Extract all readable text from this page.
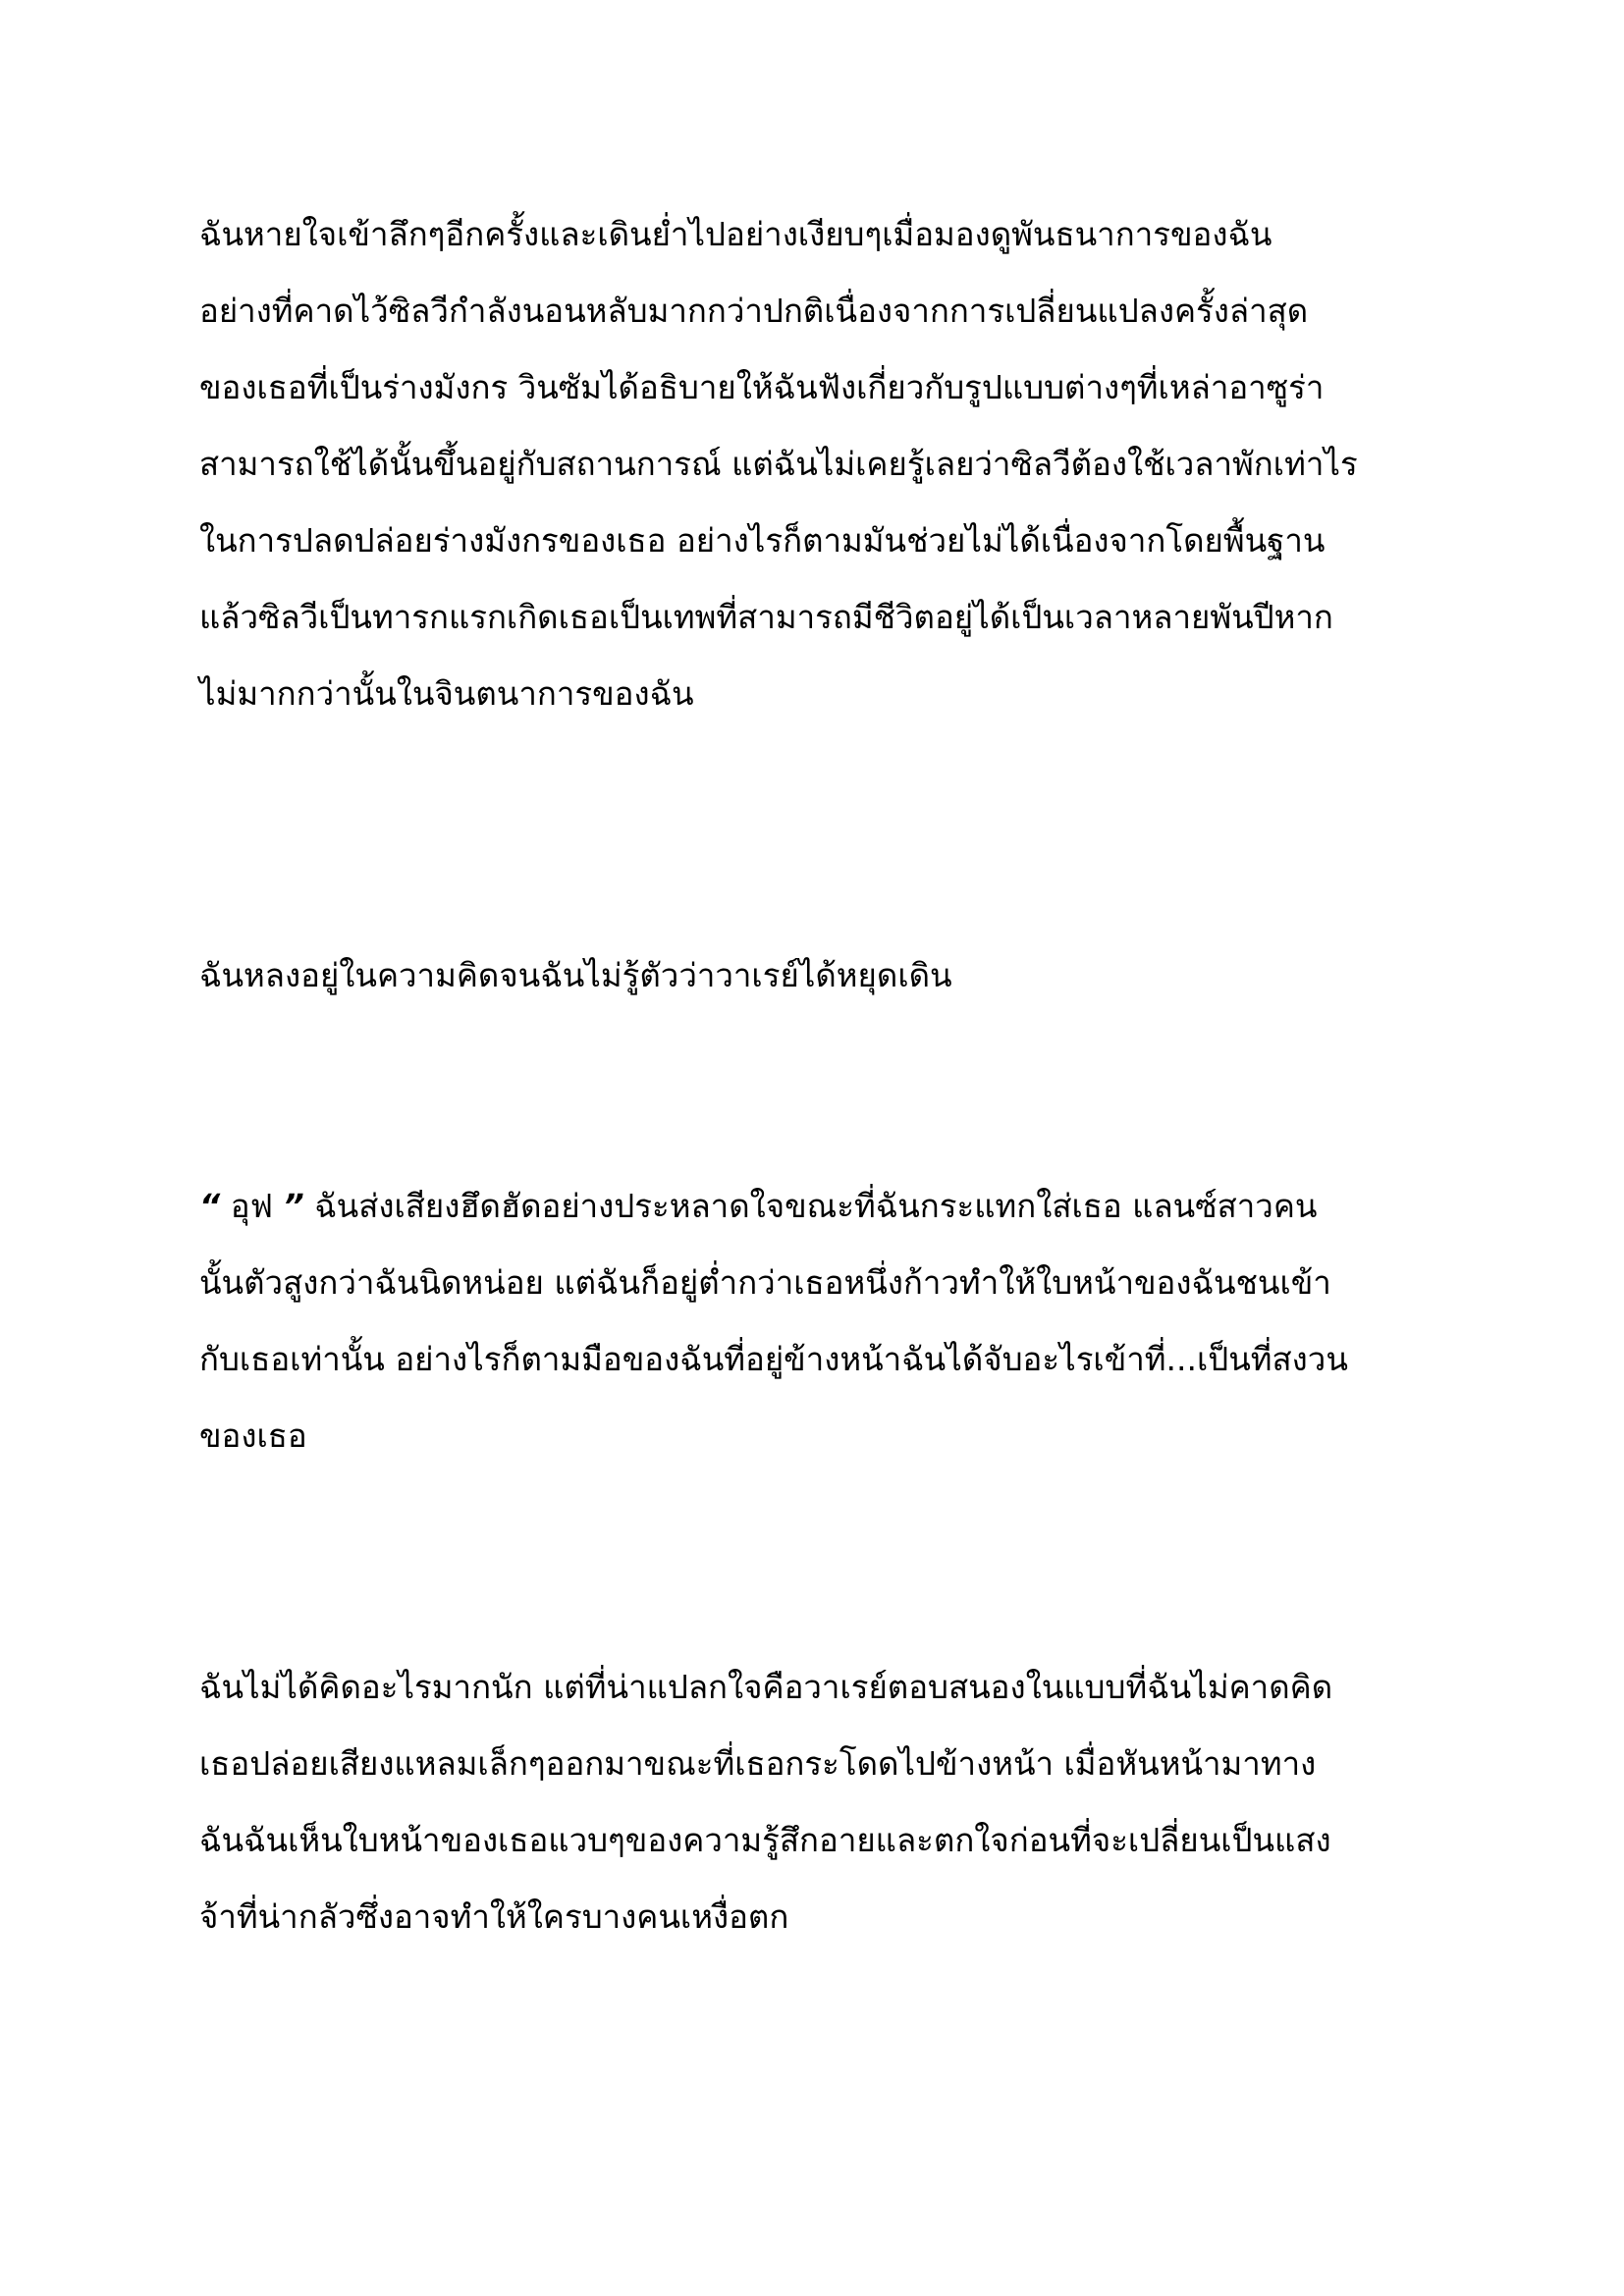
ฉันหายใจเข้าลึกๆอีกครั้งและเดินย่ำไปอย่างเงียบๆเมื่อมองดูพันธนาการของฉัน
อย่างที่คาดไว้ซิลวีกำลังนอนหลับมากกว่าปกติเนื่องจากการเปลี่ยนแปลงครั้งล่าสุด
ของเธอที่เป็นร่างมังกร วินซัมได้อธิบายให้ฉันฟังเกี่ยวกับรูปแบบต่างๆที่เหล่าอาซูร่า
สามารถใช้ได้นั้นขึ้นอยู่กับสถานการณ์ แต่ฉันไม่เคยรู้เลยว่าซิลวีต้องใช้เวลาพักเท่าไร
ในการปลดปล่อยร่างมังกรของเธอ อย่างไรก็ตามมันช่วยไม่ได้เนื่องจากโดยพื้นฐาน
แล้วซิลวีเป็นทารกแรกเกิดเธอเป็นเทพที่สามารถมีชีวิตอยู่ได้เป็นเวลาหลายพันปีหาก
ไม่มากกว่านั้นในจินตนาการของฉัน

ฉันหลงอยู่ในความคิดจนฉันไม่รู้ตัวว่าวาเรย์ได้หยุดเดิน

“ อุฟ ” ฉันส่งเสียงฮึดฮัดอย่างประหลาดใจขณะที่ฉันกระแทกใส่เธอ แลนซ์สาวคน
นั้นตัวสูงกว่าฉันนิดหน่อย แต่ฉันก็อยู่ต่ำกว่าเธอหนึ่งก้าวทำให้ใบหน้าของฉันชนเข้า
กับเธอเท่านั้น อย่างไรก็ตามมือของฉันที่อยู่ข้างหน้าฉันได้จับอะไรเข้าที่...เป็นที่สงวน
ของเธอ

ฉันไม่ได้คิดอะไรมากนัก แต่ที่น่าแปลกใจคือวาเรย์ตอบสนองในแบบที่ฉันไม่คาดคิด
เธอปล่อยเสียงแหลมเล็กๆออกมาขณะที่เธอกระโดดไปข้างหน้า เมื่อหันหน้ามาทาง
ฉันฉันเห็นใบหน้าของเธอแวบๆของความรู้สึกอายและตกใจก่อนที่จะเปลี่ยนเป็นแสง
จ้าที่น่ากลัวซึ่งอาจทำให้ใครบางคนเหงื่อตก
